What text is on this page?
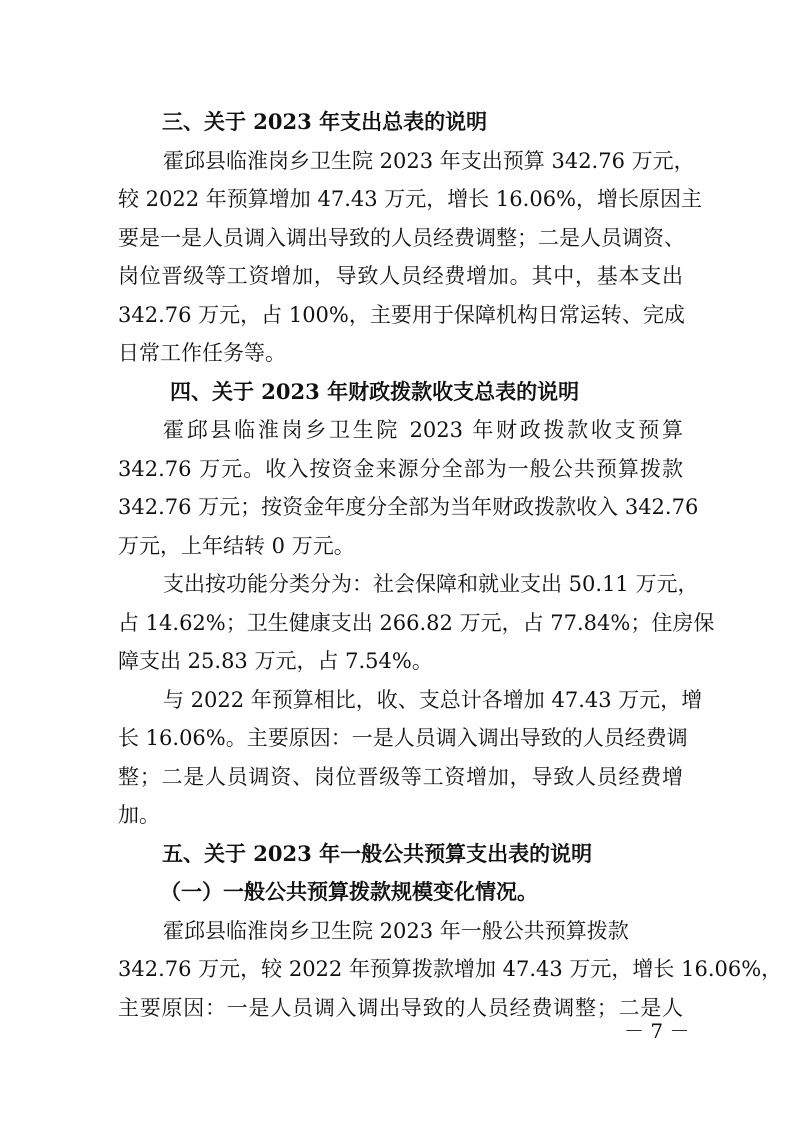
三、关于 2023 年支出总表的说明
霍邱县临淮岗乡卫生院 2023 年支出预算 342.76 万元，
较 2022 年预算增加 47.43 万元，增长 16.06%，增长原因主
要是一是人员调入调出导致的人员经费调整；二是人员调资、
岗位晋级等工资增加，导致人员经费增加。其中，基本支出
342.76 万元，占 100%，主要用于保障机构日常运转、完成
日常工作任务等。
四、关于 2023 年财政拨款收支总表的说明
霍邱县临淮岗乡卫生院 2023 年财政拨款收支预算
342.76 万元。收入按资金来源分全部为一般公共预算拨款
342.76 万元；按资金年度分全部为当年财政拨款收入 342.76
万元，上年结转 0 万元。
支出按功能分类分为：社会保障和就业支出 50.11 万元，
占 14.62%；卫生健康支出 266.82 万元，占 77.84%；住房保
障支出 25.83 万元，占 7.54%。
与 2022 年预算相比，收、支总计各增加 47.43 万元，增
长 16.06%。主要原因：一是人员调入调出导致的人员经费调
整；二是人员调资、岗位晋级等工资增加，导致人员经费增
加。
五、关于 2023 年一般公共预算支出表的说明
（一）一般公共预算拨款规模变化情况。
霍邱县临淮岗乡卫生院 2023 年一般公共预算拨款
－ 7 －
342.76 万元，较 2022 年预算拨款增加 47.43 万元，增长 16.06%，
主要原因：一是人员调入调出导致的人员经费调整；二是人
